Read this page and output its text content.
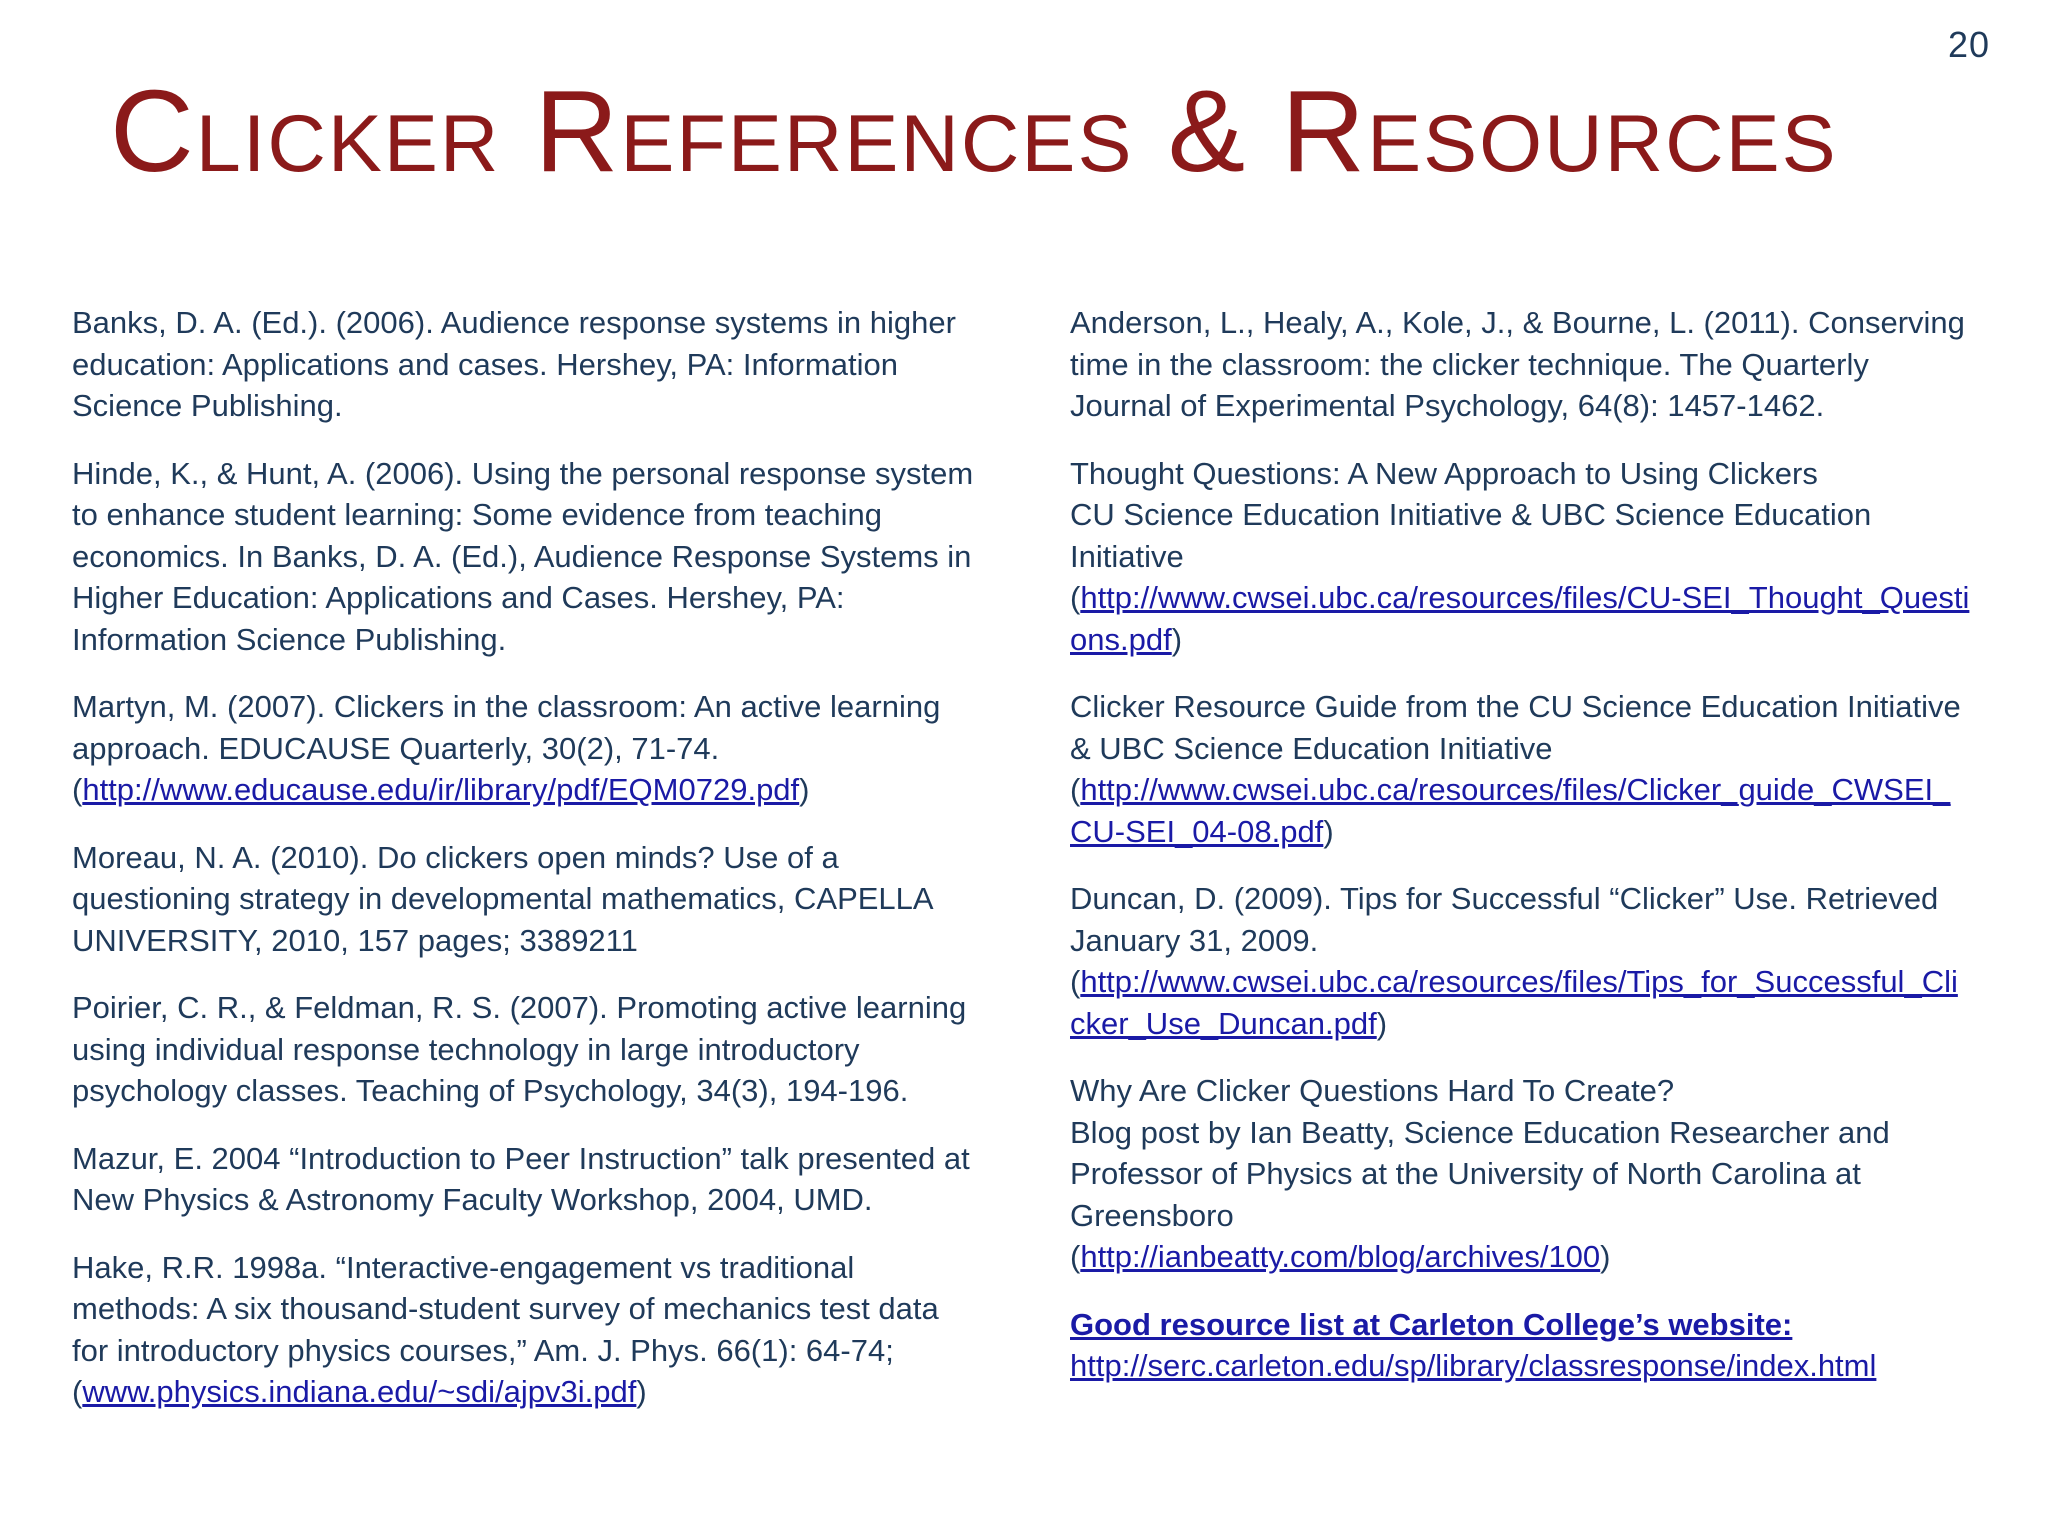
20
Clicker References & Resources

Banks, D. A. (Ed.). (2006). Audience response systems in higher education: Applications and cases. Hershey, PA: Information Science Publishing.

Hinde, K., & Hunt, A. (2006). Using the personal response system to enhance student learning: Some evidence from teaching economics. In Banks, D. A. (Ed.), Audience Response Systems in Higher Education: Applications and Cases. Hershey, PA: Information Science Publishing.

Martyn, M. (2007). Clickers in the classroom: An active learning approach. EDUCAUSE Quarterly, 30(2), 71-74.
(http://www.educause.edu/ir/library/pdf/EQM0729.pdf)

Moreau, N. A. (2010). Do clickers open minds? Use of a questioning strategy in developmental mathematics, CAPELLA UNIVERSITY, 2010, 157 pages; 3389211

Poirier, C. R., & Feldman, R. S. (2007). Promoting active learning using individual response technology in large introductory psychology classes. Teaching of Psychology, 34(3), 194-196.

Mazur, E. 2004 “Introduction to Peer Instruction” talk presented at New Physics & Astronomy Faculty Workshop, 2004, UMD.

Hake, R.R. 1998a. “Interactive-engagement vs traditional methods: A six thousand-student survey of mechanics test data for introductory physics courses,” Am. J. Phys. 66(1): 64-74;
(www.physics.indiana.edu/~sdi/ajpv3i.pdf)

Anderson, L., Healy, A., Kole, J., & Bourne, L. (2011). Conserving time in the classroom: the clicker technique. The Quarterly Journal of Experimental Psychology, 64(8): 1457-1462.

Thought Questions: A New Approach to Using Clickers
CU Science Education Initiative & UBC Science Education Initiative
(http://www.cwsei.ubc.ca/resources/files/CU-SEI_Thought_Questions.pdf)

Clicker Resource Guide from the CU Science Education Initiative & UBC Science Education Initiative
(http://www.cwsei.ubc.ca/resources/files/Clicker_guide_CWSEI_CU-SEI_04-08.pdf)

Duncan, D. (2009). Tips for Successful “Clicker” Use. Retrieved January 31, 2009.
(http://www.cwsei.ubc.ca/resources/files/Tips_for_Successful_Clicker_Use_Duncan.pdf)

Why Are Clicker Questions Hard To Create?
Blog post by Ian Beatty, Science Education Researcher and Professor of Physics at the University of North Carolina at Greensboro
(http://ianbeatty.com/blog/archives/100)

Good resource list at Carleton College’s website:
http://serc.carleton.edu/sp/library/classresponse/index.html
